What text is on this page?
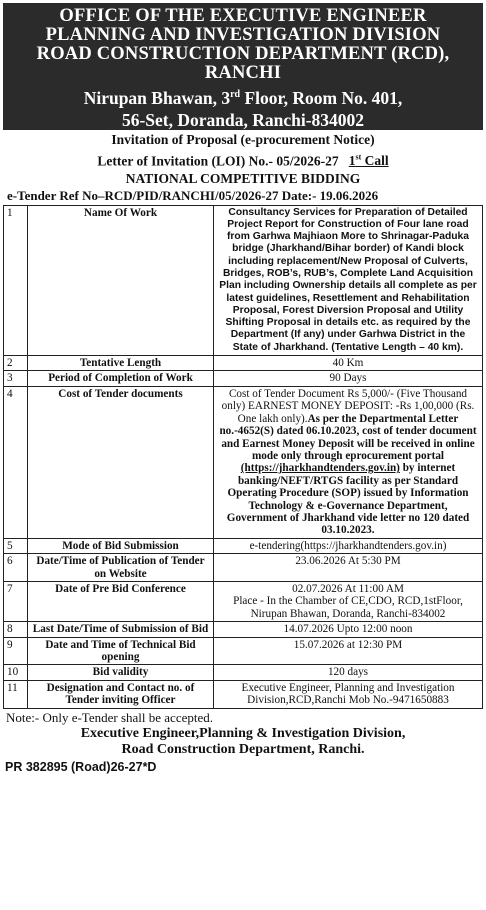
OFFICE OF THE EXECUTIVE ENGINEER
PLANNING AND INVESTIGATION DIVISION
ROAD CONSTRUCTION DEPARTMENT (RCD),
RANCHI
Nirupan Bhawan, 3rd Floor, Room No. 401,
56-Set, Doranda, Ranchi-834002
Invitation of Proposal (e-procurement Notice)
Letter of Invitation (LOI) No.- 05/2026-27 1st Call
NATIONAL COMPETITIVE BIDDING
e-Tender Ref No–RCD/PID/RANCHI/05/2026-27 Date:- 19.06.2026
1	Name Of Work	Consultancy Services for Preparation of Detailed Project Report for Construction of Four lane road from Garhwa Majhiaon More to Shrinagar-Paduka bridge (Jharkhand/Bihar border) of Kandi block including replacement/New Proposal of Culverts, Bridges, ROB’s, RUB’s, Complete Land Acquisition Plan including Ownership details all complete as per latest guidelines, Resettlement and Rehabilitation Proposal, Forest Diversion Proposal and Utility Shifting Proposal in details etc. as required by the Department (If any) under Garhwa District in the State of Jharkhand. (Tentative Length – 40 km).
2	Tentative Length	40 Km
3	Period of Completion of Work	90 Days
4	Cost of Tender documents	Cost of Tender Document Rs 5,000/- (Five Thousand only) EARNEST MONEY DEPOSIT: -Rs 1,00,000 (Rs. One lakh only).As per the Departmental Letter no.-4652(S) dated 06.10.2023, cost of tender document and Earnest Money Deposit will be received in online mode only through eprocurement portal
(https://jharkhandtenders.gov.in) by internet banking/NEFT/RTGS facility as per Standard Operating Procedure (SOP) issued by Information Technology & e-Governance Department, Government of Jharkhand vide letter no 120 dated 03.10.2023.
5	Mode of Bid Submission	e-tendering(https://jharkhandtenders.gov.in)
6	Date/Time of Publication of Tender on Website	23.06.2026 At 5:30 PM
7	Date of Pre Bid Conference	02.07.2026 At 11:00 AM
Place - In the Chamber of CE,CDO, RCD,1stFloor, Nirupan Bhawan, Doranda, Ranchi-834002

8	Last Date/Time of Submission of Bid	14.07.2026 Upto 12:00 noon
9	Date and Time of Technical Bid opening	15.07.2026 at 12:30 PM
10	Bid validity	120 days
11	Designation and Contact no. of Tender inviting Officer	Executive Engineer, Planning and Investigation Division,RCD,Ranchi Mob No.-9471650883
Note:- Only e-Tender shall be accepted.
Executive Engineer,Planning & Investigation Division,
Road Construction Department, Ranchi.
PR 382895 (Road)26-27*D
